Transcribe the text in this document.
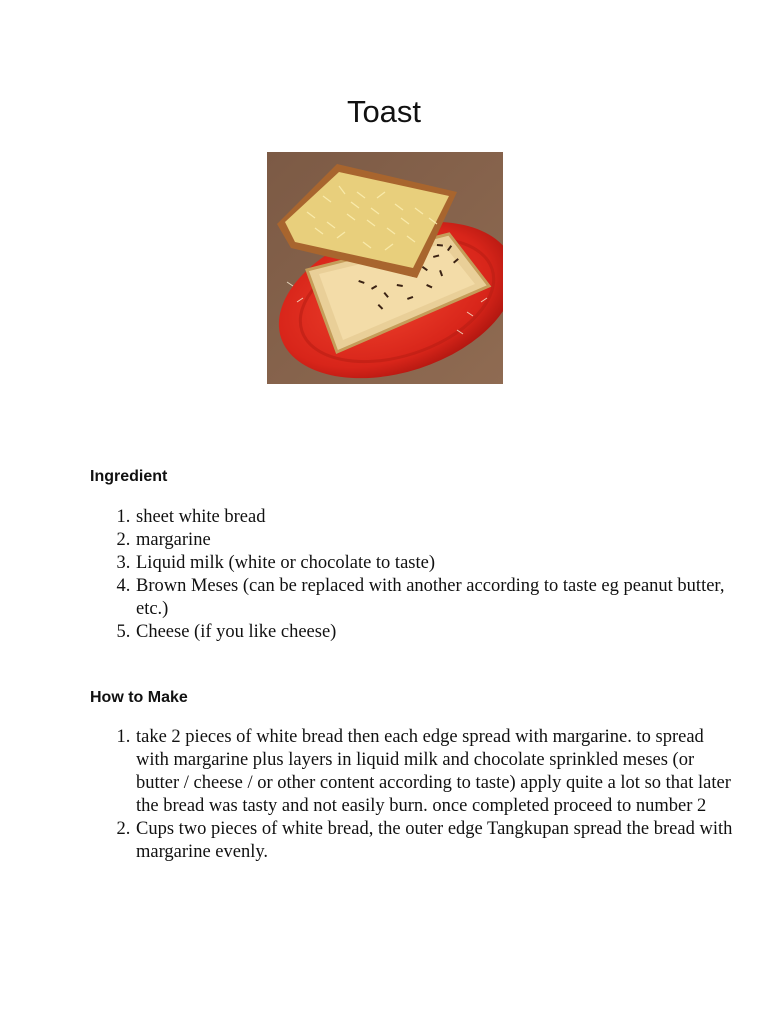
Toast
Ingredient
1. sheet white bread
2. margarine
3. Liquid milk (white or chocolate to taste)
4. Brown Meses (can be replaced with another according to taste eg peanut butter, etc.)
5. Cheese (if you like cheese)
How to Make
1. take 2 pieces of white bread then each edge spread with margarine. to spread with margarine plus layers in liquid milk and chocolate sprinkled meses (or butter / cheese / or other content according to taste) apply quite a lot so that later the bread was tasty and not easily burn. once completed proceed to number 2
2. Cups two pieces of white bread, the outer edge Tangkupan spread the bread with margarine evenly.
